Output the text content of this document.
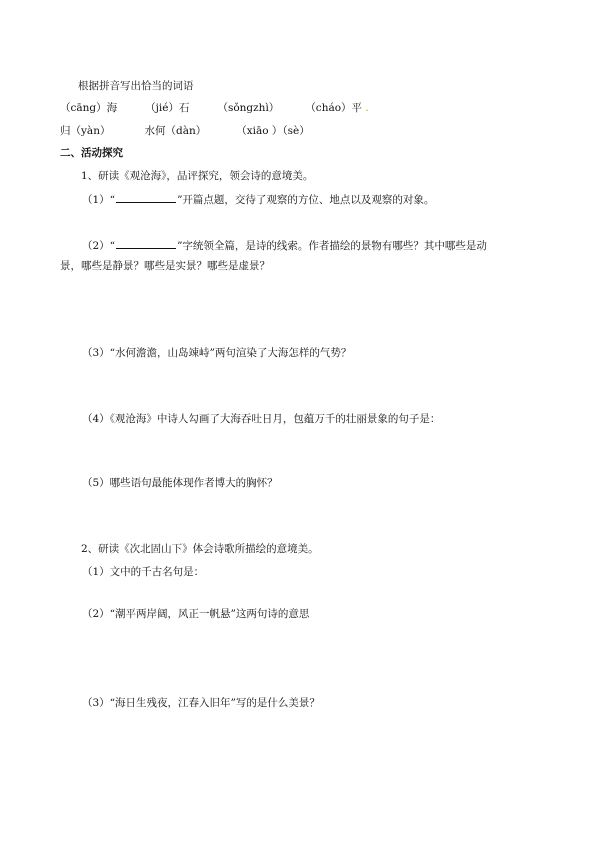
根据拼音写出恰当的词语
（cāng）海	（jié）石	（sǒngzhì） （cháo）平 .
归（yàn）	水何（dàn）	（xiāo ）（sè）
二、活动探究
1、研读《观沧海》，品评探究，领会诗的意境美。
（1）“	”开篇点题，交待了观察的方位、地点以及观察的对象。
（2）“	”字统领全篇，是诗的线索。作者描绘的景物有哪些？其中哪些是动
景，哪些是静景？哪些是实景？哪些是虚景？
（3）“水何澹澹，山岛竦峙”两句渲染了大海怎样的气势？
（4）《观沧海》中诗人勾画了大海吞吐日月，包蕴万千的壮丽景象的句子是：
（5）哪些语句最能体现作者博大的胸怀？
2、研读《次北固山下》体会诗歌所描绘的意境美。
（1）文中的千古名句是：
（2）“潮平两岸阔，风正一帆悬”这两句诗的意思
（3）“海日生残夜，江春入旧年”写的是什么美景？
